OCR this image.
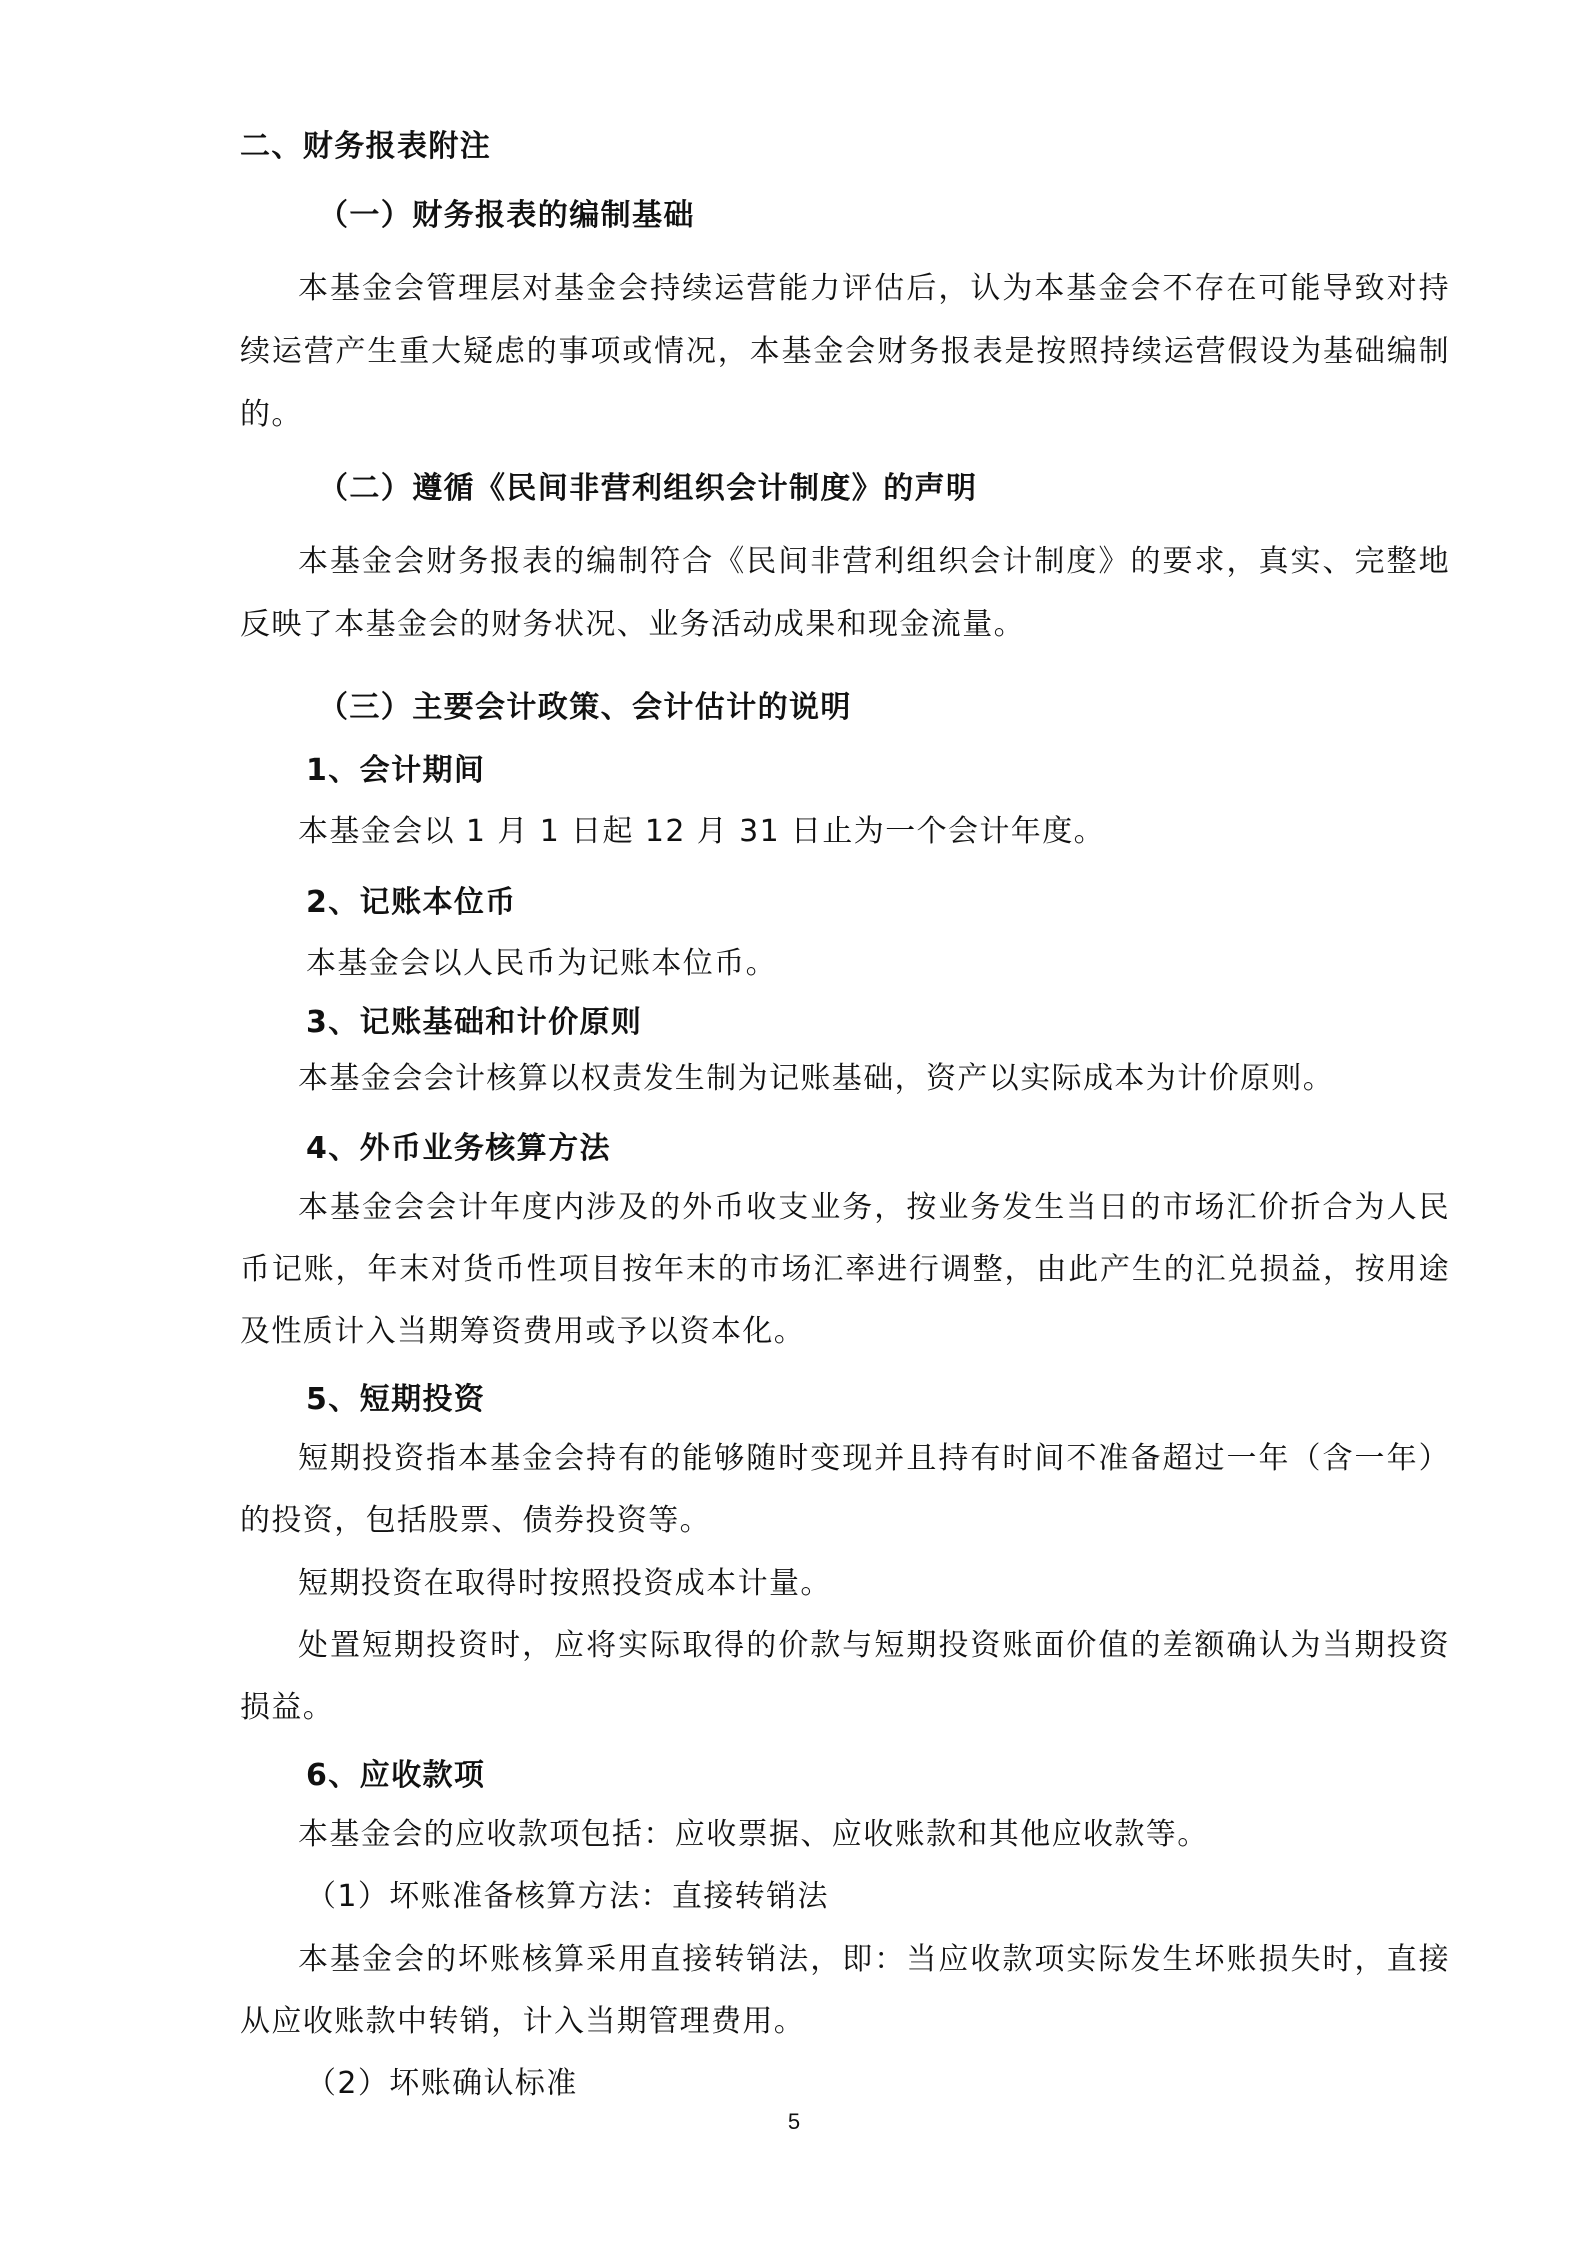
二、财务报表附注
（一）财务报表的编制基础
本基金会管理层对基金会持续运营能力评估后，认为本基金会不存在可能导致对持
续运营产生重大疑虑的事项或情况，本基金会财务报表是按照持续运营假设为基础编制
的。
（二）遵循《民间非营利组织会计制度》的声明
本基金会财务报表的编制符合《民间非营利组织会计制度》的要求，真实、完整地
反映了本基金会的财务状况、业务活动成果和现金流量。
（三）主要会计政策、会计估计的说明
1、会计期间
本基金会以 1 月 1 日起 12 月 31 日止为一个会计年度。
2、记账本位币
本基金会以人民币为记账本位币。
3、记账基础和计价原则
本基金会会计核算以权责发生制为记账基础，资产以实际成本为计价原则。
4、外币业务核算方法
本基金会会计年度内涉及的外币收支业务，按业务发生当日的市场汇价折合为人民
币记账，年末对货币性项目按年末的市场汇率进行调整，由此产生的汇兑损益，按用途
及性质计入当期筹资费用或予以资本化。
5、短期投资
短期投资指本基金会持有的能够随时变现并且持有时间不准备超过一年（含一年）
的投资，包括股票、债券投资等。
短期投资在取得时按照投资成本计量。
处置短期投资时，应将实际取得的价款与短期投资账面价值的差额确认为当期投资
损益。
6、应收款项
本基金会的应收款项包括：应收票据、应收账款和其他应收款等。
（1）坏账准备核算方法：直接转销法
本基金会的坏账核算采用直接转销法，即：当应收款项实际发生坏账损失时，直接
从应收账款中转销，计入当期管理费用。
（2）坏账确认标准
5
